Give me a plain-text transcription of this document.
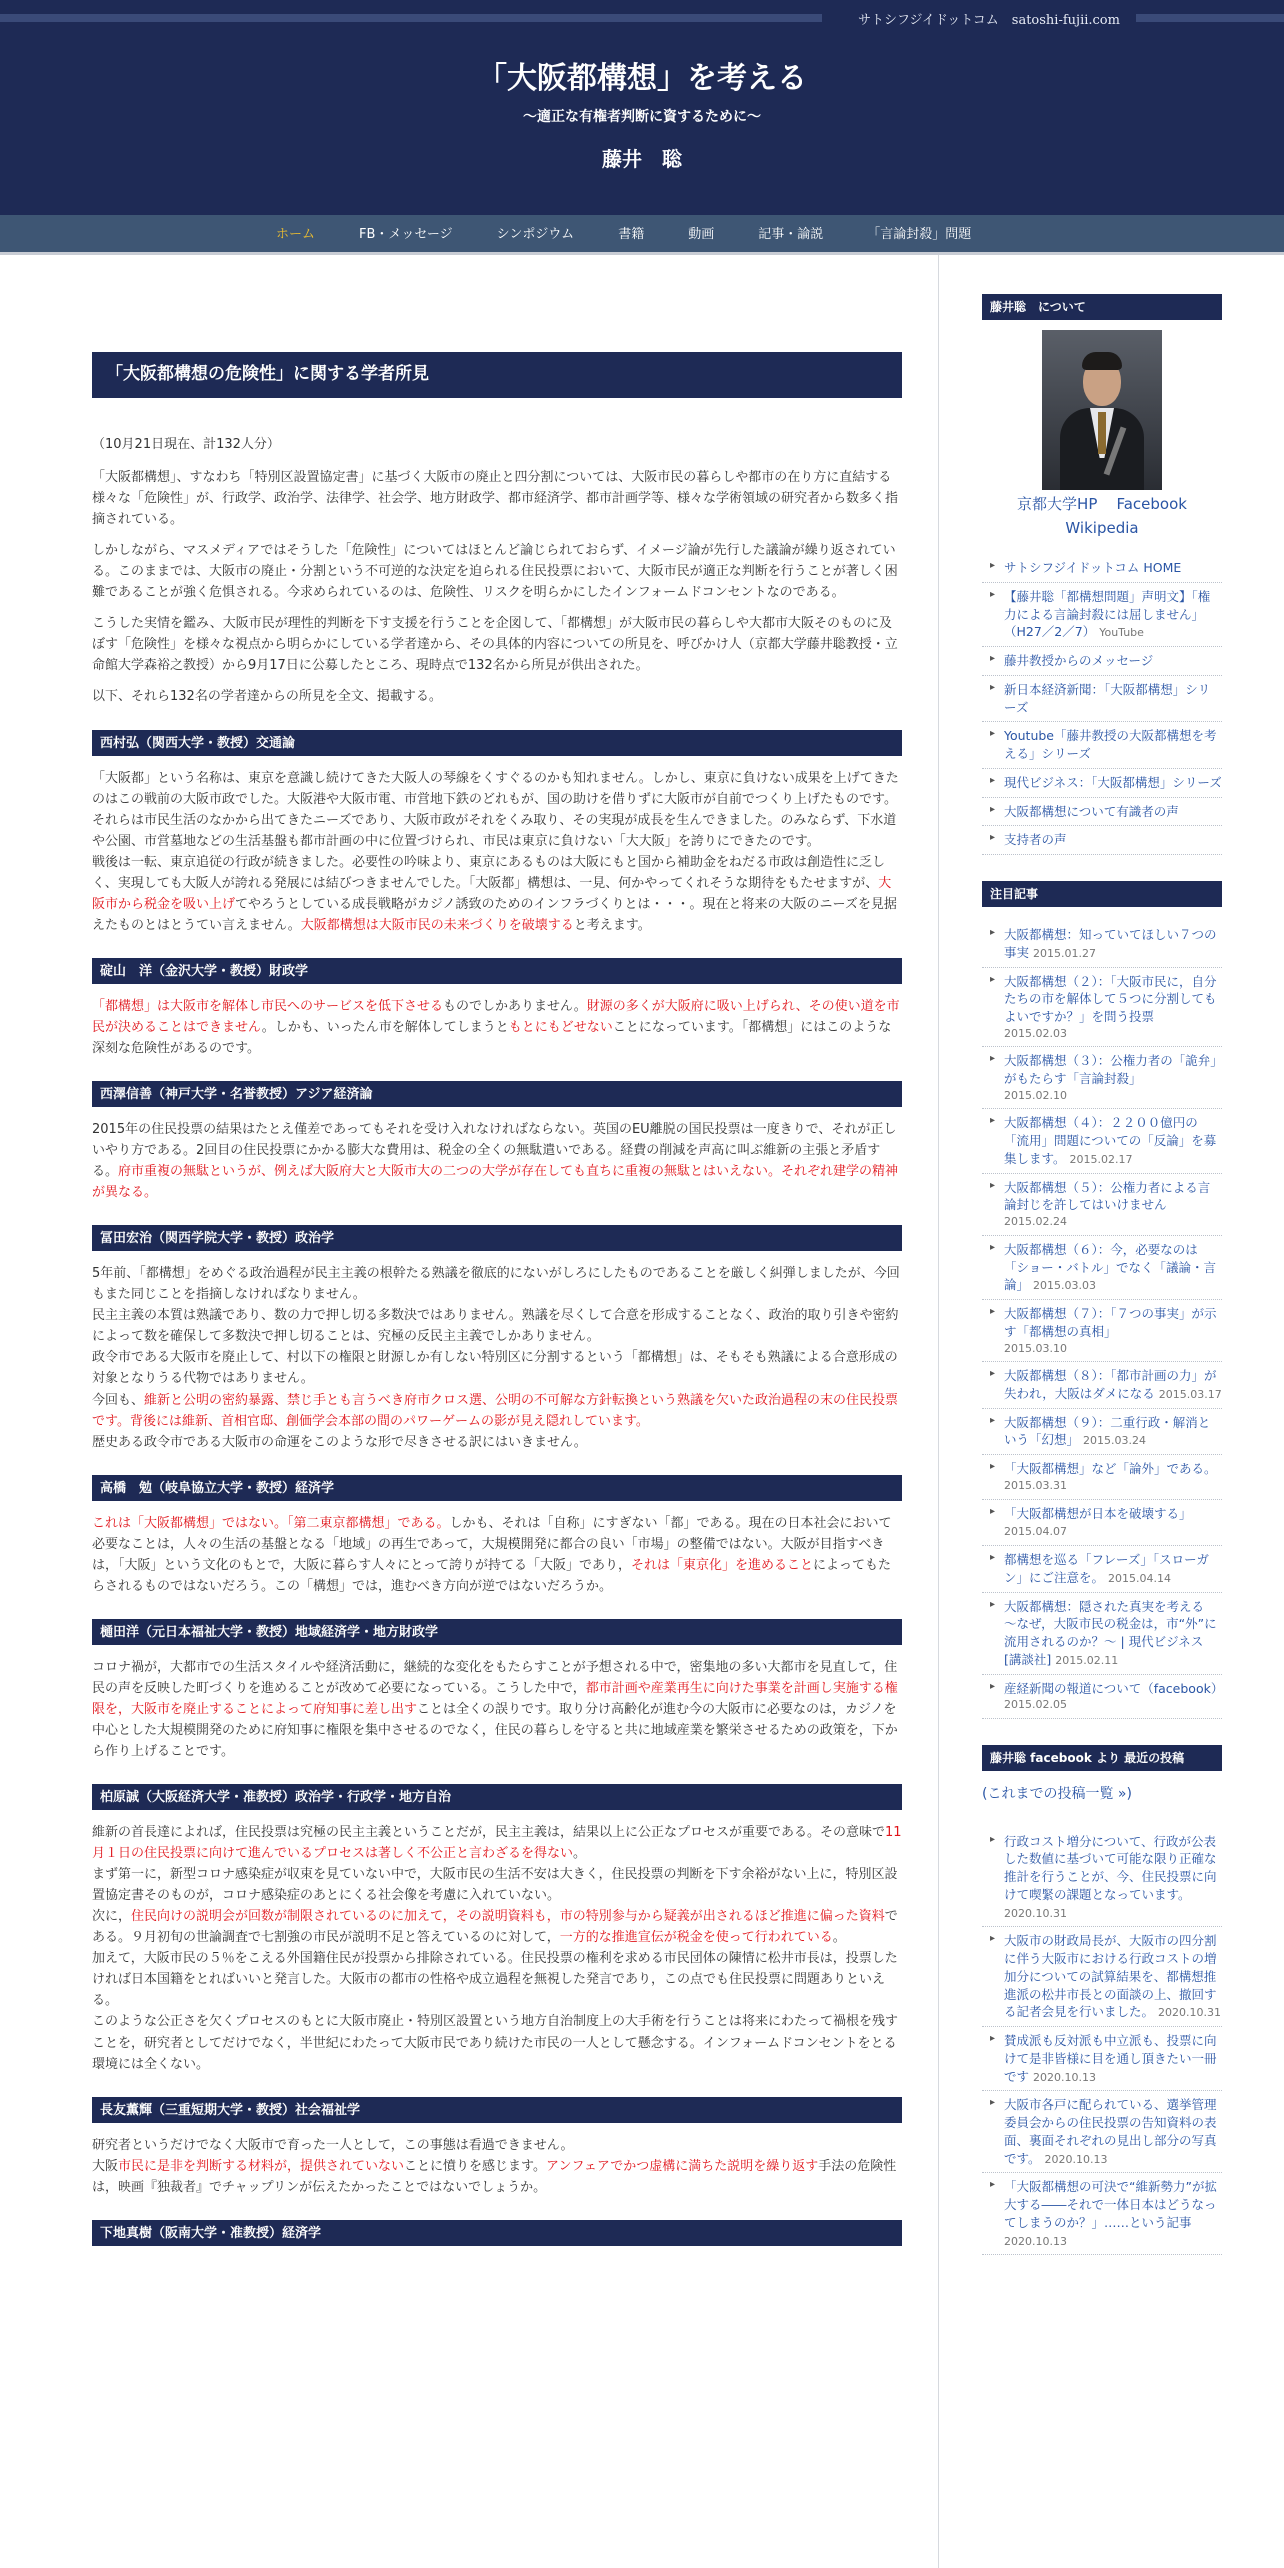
サトシフジイドットコム　satoshi-fujii.com
「大阪都構想」を考える
〜適正な有権者判断に資するために〜
藤井　聡
ホーム	FB・メッセージ	シンポジウム	書籍	動画	記事・論説	「言論封殺」問題
「大阪都構想の危険性」に関する学者所見
（10月21日現在、計132人分）

「大阪都構想」、すなわち「特別区設置協定書」に基づく大阪市の廃止と四分割については、大阪市民の暮らしや都市の在り方に直結する様々な「危険性」が、行政学、政治学、法律学、社会学、地方財政学、都市経済学、都市計画学等、様々な学術領域の研究者から数多く指摘されている。

しかしながら、マスメディアではそうした「危険性」についてはほとんど論じられておらず、イメージ論が先行した議論が繰り返されている。このままでは、大阪市の廃止・分割という不可逆的な決定を迫られる住民投票において、大阪市民が適正な判断を行うことが著しく困難であることが強く危惧される。今求められているのは、危険性、リスクを明らかにしたインフォームドコンセントなのである。

こうした実情を鑑み、大阪市民が理性的判断を下す支援を行うことを企図して、「都構想」が大阪市民の暮らしや大都市大阪そのものに及ぼす「危険性」を様々な視点から明らかにしている学者達から、その具体的内容についての所見を、呼びかけ人（京都大学藤井聡教授・立命館大学森裕之教授）から9月17日に公募したところ、現時点で132名から所見が供出された。

以下、それら132名の学者達からの所見を全文、掲載する。

西村弘（関西大学・教授）交通論

「大阪都」という名称は、東京を意識し続けてきた大阪人の琴線をくすぐるのかも知れません。しかし、東京に負けない成果を上げてきたのはこの戦前の大阪市政でした。大阪港や大阪市電、市営地下鉄のどれもが、国の助けを借りずに大阪市が自前でつくり上げたものです。それらは市民生活のなかから出てきたニーズであり、大阪市政がそれをくみ取り、その実現が成長を生んできました。のみならず、下水道や公園、市営墓地などの生活基盤も都市計画の中に位置づけられ、市民は東京に負けない「大大阪」を誇りにできたのです。

戦後は一転、東京追従の行政が続きました。必要性の吟味より、東京にあるものは大阪にもと国から補助金をねだる市政は創造性に乏しく、実現しても大阪人が誇れる発展には結びつきませんでした。「大阪都」構想は、一見、何かやってくれそうな期待をもたせますが、大阪市から税金を吸い上げてやろうとしている成長戦略がカジノ誘致のためのインフラづくりとは・・・。現在と将来の大阪のニーズを見据えたものとはとうてい言えません。大阪都構想は大阪市民の未来づくりを破壊すると考えます。

碇山　洋（金沢大学・教授）財政学

「都構想」は大阪市を解体し市民へのサービスを低下させるものでしかありません。財源の多くが大阪府に吸い上げられ、その使い道を市民が決めることはできません。しかも、いったん市を解体してしまうともとにもどせないことになっています。「都構想」にはこのような深刻な危険性があるのです。

西澤信善（神戸大学・名誉教授）アジア経済論

2015年の住民投票の結果はたとえ僅差であってもそれを受け入れなければならない。英国のEU離脱の国民投票は一度きりで、それが正しいやり方である。2回目の住民投票にかかる膨大な費用は、税金の全くの無駄遣いである。経費の削減を声高に叫ぶ維新の主張と矛盾する。府市重複の無駄というが、例えば大阪府大と大阪市大の二つの大学が存在しても直ちに重複の無駄とはいえない。それぞれ建学の精神が異なる。

冨田宏治（関西学院大学・教授）政治学

5年前、「都構想」をめぐる政治過程が民主主義の根幹たる熟議を徹底的にないがしろにしたものであることを厳しく糾弾しましたが、今回もまた同じことを指摘しなければなりません。

民主主義の本質は熟議であり、数の力で押し切る多数決ではありません。熟議を尽くして合意を形成することなく、政治的取り引きや密約によって数を確保して多数決で押し切ることは、究極の反民主主義でしかありません。

政令市である大阪市を廃止して、村以下の権限と財源しか有しない特別区に分割するという「都構想」は、そもそも熟議による合意形成の対象となりうる代物ではありません。

今回も、維新と公明の密約暴露、禁じ手とも言うべき府市クロス選、公明の不可解な方針転換という熟議を欠いた政治過程の末の住民投票です。背後には維新、首相官邸、創価学会本部の間のパワーゲームの影が見え隠れしています。

歴史ある政令市である大阪市の命運をこのような形で尽きさせる訳にはいきません。

高橋　勉（岐阜協立大学・教授）経済学

これは「大阪都構想」ではない。「第二東京都構想」である。しかも、それは「自称」にすぎない「都」である。現在の日本社会において必要なことは，人々の生活の基盤となる「地域」の再生であって，大規模開発に都合の良い「市場」の整備ではない。大阪が目指すべきは，「大阪」という文化のもとで，大阪に暮らす人々にとって誇りが持てる「大阪」であり，それは「東京化」を進めることによってもたらされるものではないだろう。この「構想」では，進むべき方向が逆ではないだろうか。

樋田洋（元日本福祉大学・教授）地域経済学・地方財政学

コロナ禍が，大都市での生活スタイルや経済活動に，継続的な変化をもたらすことが予想される中で，密集地の多い大都市を見直して，住民の声を反映した町づくりを進めることが改めて必要になっている。こうした中で，都市計画や産業再生に向けた事業を計画し実施する権限を，大阪市を廃止することによって府知事に差し出すことは全くの誤りです。取り分け高齢化が進む今の大阪市に必要なのは，カジノを中心とした大規模開発のために府知事に権限を集中させるのでなく，住民の暮らしを守ると共に地域産業を繁栄させるための政策を，下から作り上げることです。

柏原誠（大阪経済大学・准教授）政治学・行政学・地方自治

維新の首長達によれば，住民投票は究極の民主主義ということだが，民主主義は，結果以上に公正なプロセスが重要である。その意味で11月１日の住民投票に向けて進んでいるプロセスは著しく不公正と言わざるを得ない。

まず第一に，新型コロナ感染症が収束を見ていない中で，大阪市民の生活不安は大きく，住民投票の判断を下す余裕がない上に，特別区設置協定書そのものが，コロナ感染症のあとにくる社会像を考慮に入れていない。

次に，住民向けの説明会が回数が制限されているのに加えて，その説明資料も，市の特別参与から疑義が出されるほど推進に偏った資料である。９月初旬の世論調査で七割強の市民が説明不足と答えているのに対して，一方的な推進宣伝が税金を使って行われている。

加えて，大阪市民の５％をこえる外国籍住民が投票から排除されている。住民投票の権利を求める市民団体の陳情に松井市長は，投票したければ日本国籍をとればいいと発言した。大阪市の都市の性格や成立過程を無視した発言であり，この点でも住民投票に問題ありといえる。

このような公正さを欠くプロセスのもとに大阪市廃止・特別区設置という地方自治制度上の大手術を行うことは将来にわたって禍根を残すことを，研究者としてだけでなく，半世紀にわたって大阪市民であり続けた市民の一人として懸念する。インフォームドコンセントをとる環境には全くない。

長友薫輝（三重短期大学・教授）社会福祉学

研究者というだけでなく大阪市で育った一人として，この事態は看過できません。

大阪市民に是非を判断する材料が，提供されていないことに憤りを感じます。アンフェアでかつ虚構に満ちた説明を繰り返す手法の危険性は，映画『独裁者』でチャップリンが伝えたかったことではないでしょうか。

下地真樹（阪南大学・准教授）経済学
藤井聡　について
京都大学HP Facebook
Wikipedia
▸ サトシフジイドットコム HOME
▸ 【藤井聡「都構想問題」声明文】「権力による言論封殺には屈しません」（H27／2／7） YouTube
▸ 藤井教授からのメッセージ
▸ 新日本経済新聞：「大阪都構想」シリーズ
▸ Youtube「藤井教授の大阪都構想を考える」シリーズ
▸ 現代ビジネス：「大阪都構想」シリーズ
▸ 大阪都構想について有識者の声
▸ 支持者の声
注目記事
▸ 大阪都構想：知っていてほしい７つの事実 2015.01.27
▸ 大阪都構想（２）：「大阪市民に，自分たちの市を解体して５つに分割してもよいですか？」を問う投票
2015.02.03
▸ 大阪都構想（３）：公権力者の「詭弁」がもたらす「言論封殺」
2015.02.10
▸ 大阪都構想（４）：２２００億円の「流用」問題についての「反論」を募集します。 2015.02.17
▸ 大阪都構想（５）：公権力者による言論封じを許してはいけません
2015.02.24
▸ 大阪都構想（６）：今，必要なのは「ショー・バトル」でなく「議論・言論」 2015.03.03
▸ 大阪都構想（７）：「７つの事実」が示す「都構想の真相」
2015.03.10
▸ 大阪都構想（８）：「都市計画の力」が失われ，大阪はダメになる 2015.03.17
▸ 大阪都構想（９）：二重行政・解消という「幻想」 2015.03.24
▸ 「大阪都構想」など「論外」である。
2015.03.31
▸ 「大阪都構想が日本を破壊する」 2015.04.07
▸ 都構想を巡る「フレーズ」「スローガン」にご注意を。 2015.04.14
▸ 大阪都構想：隠された真実を考える　～なぜ，大阪市民の税金は，市“外”に流用されるのか？～ | 現代ビジネス [講談社] 2015.02.11
▸ 産経新聞の報道について（facebook）
2015.02.05
藤井聡 facebook より 最近の投稿
(これまでの投稿一覧 »)
▸ 行政コスト増分について、行政が公表した数値に基づいて可能な限り正確な推計を行うことが、今、住民投票に向けて喫緊の課題となっています。 2020.10.31
▸ 大阪市の財政局長が、大阪市の四分割に伴う大阪市における行政コストの増加分についての試算結果を、都構想推進派の松井市長との面談の上、撤回する記者会見を行いました。 2020.10.31
▸ 賛成派も反対派も中立派も、投票に向けて是非皆様に目を通し頂きたい一冊です 2020.10.13
▸ 大阪市各戸に配られている、選挙管理委員会からの住民投票の告知資料の表面、裏面それぞれの見出し部分の写真です。 2020.10.13
▸ 「大阪都構想の可決で“維新勢力”が拡大する――それで一体日本はどうなってしまうのか？」……という記事 2020.10.13
